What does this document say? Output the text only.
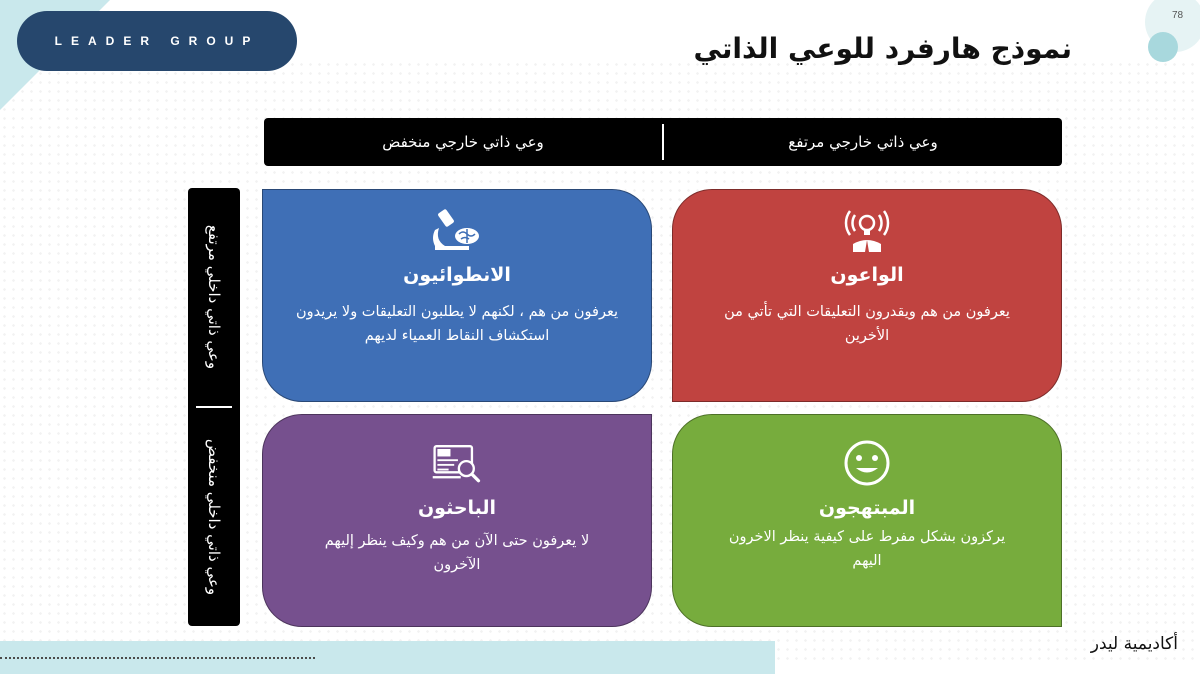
LEADER GROUP
78
نموذج هارفرد للوعي الذاتي
وعي ذاتي خارجي مرتفع
وعي ذاتي خارجي منخفض
وعي ذاتي داخلي مرتفع
وعي ذاتي داخلي منخفض
الواعون
يعرفون من هم ويقدرون التعليقات التي تأتي من الأخرين
الانطوائيون
يعرفون من هم ، لكنهم لا يطلبون التعليقات ولا يريدون استكشاف النقاط العمياء لديهم
المبتهجون
يركزون بشكل مفرط على كيفية ينظر الاخرون اليهم
الباحثون
لا يعرفون حتى الآن من هم وكيف ينظر إليهم الآخرون
أكاديمية ليدر
